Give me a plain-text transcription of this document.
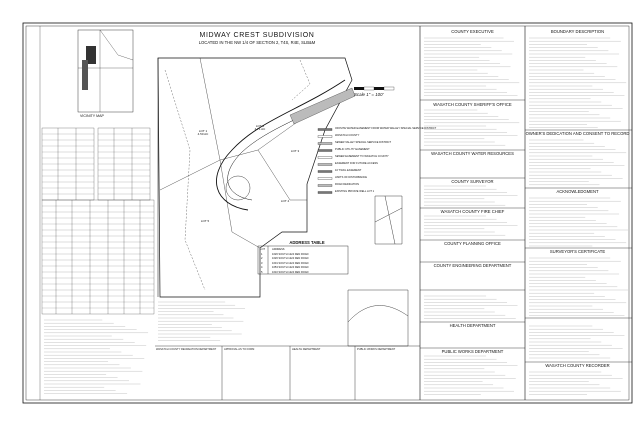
MIDWAY CREST SUBDIVISION
LOCATED IN THE NW 1/4 OF SECTION 2, T4S, R4E, SLB&M
VICINITY MAP
Scale 1" = 100'
LOT 1
4.50 AC
LOT 2
4.71 AC
LOT 3
LOT 4
LOT 5
ADDRESS TABLE
LOT	ADDRESS
1	1626 SOUTH 1224 DEN ROAD
2	1626 SOUTH 1224 DEN ROAD
3	1601 SOUTH 1224 DEN ROAD
4	1653 SOUTH 1224 DEN ROAD
5	1610 SOUTH 1224 DEN ROAD
OFFSITE WATER EASEMENT FROM WATER WALLEY SPECIAL SERVICE DISTRICT
WASATCH COUNTY
SEWER VALLEY SPECIAL SERVICE DISTRICT
PUBLIC UTILITY EASEMENT
SEWER EASEMENT TO WASATCH COUNTY
EASEMENT FOR FUTURE ACCESS
10' TRAIL EASEMENT
LIMITS OF DISTURBANCE
ROAD DEDICATION
EXISTING PRIVATE WELL LOT 1
COUNTY EXECUTIVE
WASATCH COUNTY SHERIFF'S OFFICE
WASATCH COUNTY WATER RESOURCES
COUNTY SURVEYOR
WASATCH COUNTY FIRE CHIEF
COUNTY PLANNING OFFICE
COUNTY ENGINEERING DEPARTMENT
HEALTH DEPARTMENT
PUBLIC WORKS DEPARTMENT
BOUNDARY DESCRIPTION
OWNER'S DEDICATION AND CONSENT TO RECORD
ACKNOWLEDGMENT
SURVEYOR'S CERTIFICATE
WASATCH COUNTY RECORDER
WASATCH COUNTY RECREATION DEPARTMENT	APPROVAL AS TO FORM	HEALTH DEPARTMENT	PUBLIC WORKS DEPARTMENT
